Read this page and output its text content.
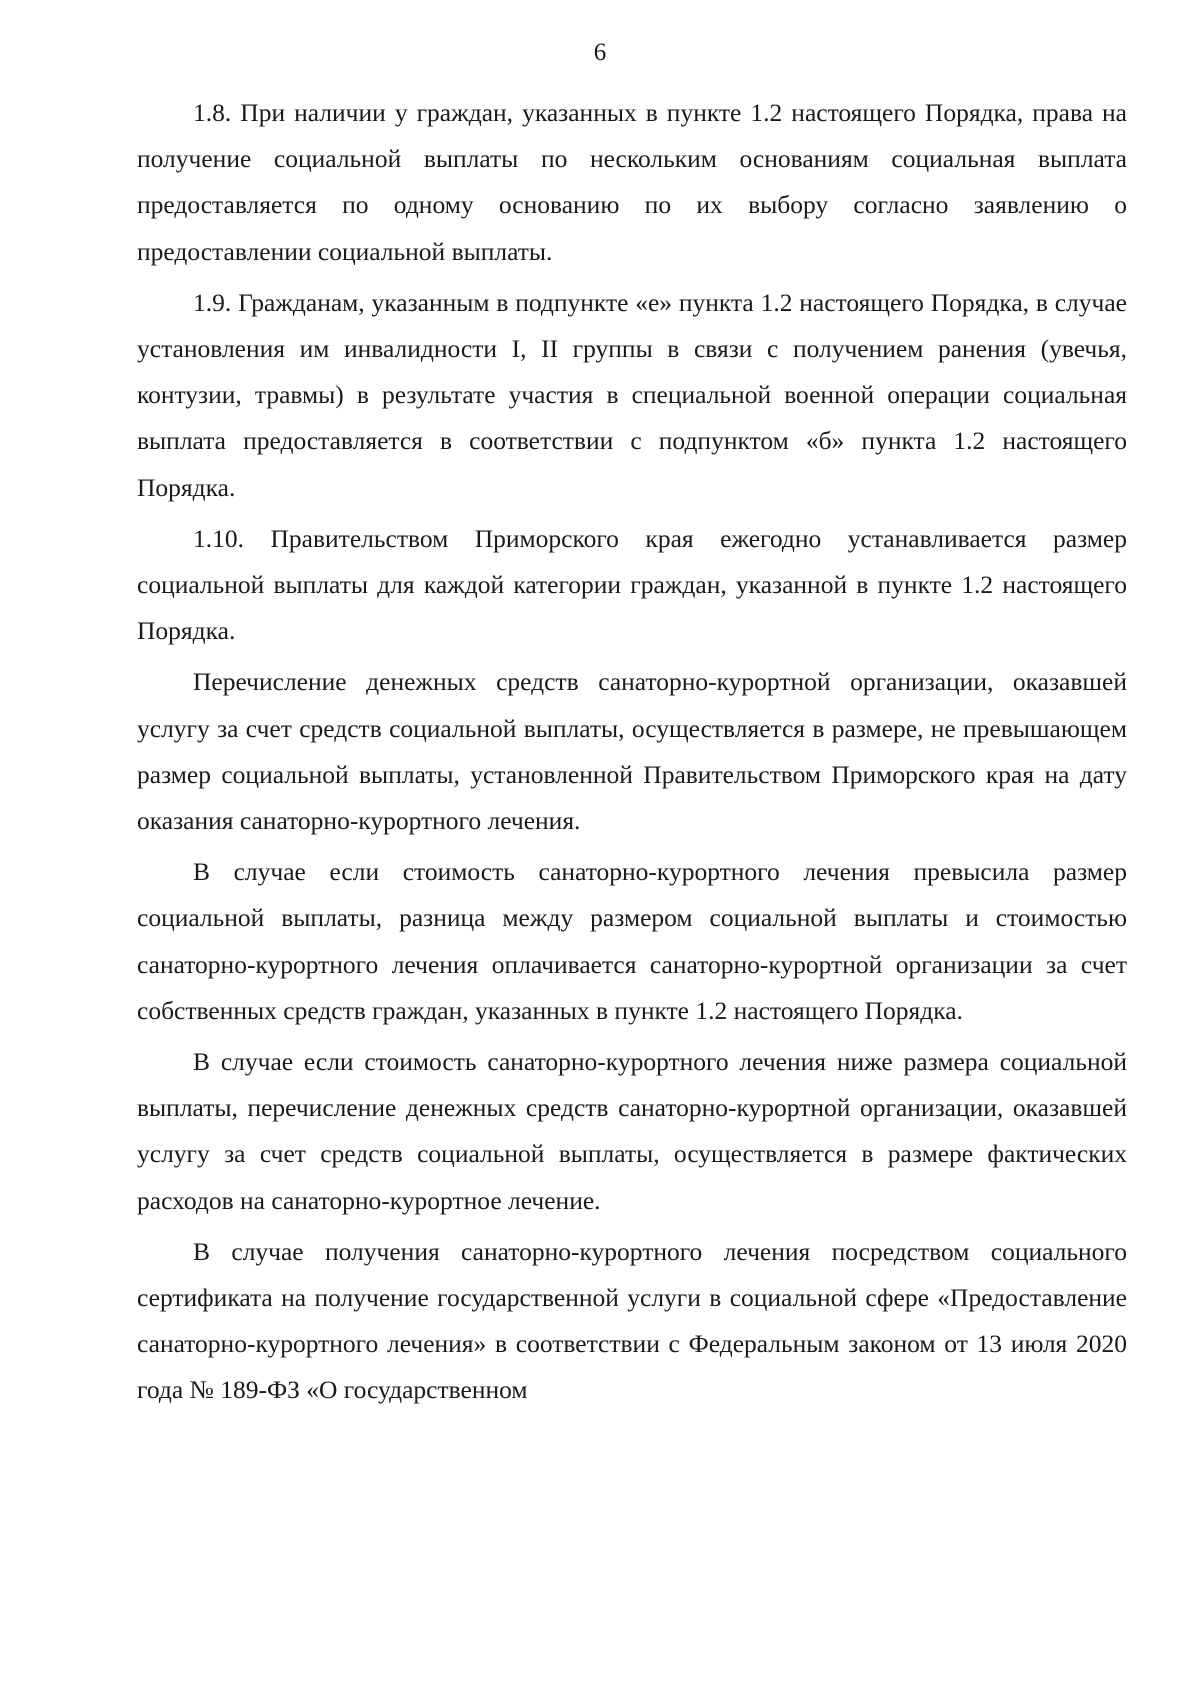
6

1.8. При наличии у граждан, указанных в пункте 1.2 настоящего Порядка, права на получение социальной выплаты по нескольким основаниям социальная выплата предоставляется по одному основанию по их выбору согласно заявлению о предоставлении социальной выплаты.

1.9. Гражданам, указанным в подпункте «е» пункта 1.2 настоящего Порядка, в случае установления им инвалидности I, II группы в связи с получением ранения (увечья, контузии, травмы) в результате участия в специальной военной операции социальная выплата предоставляется в соответствии с подпунктом «б» пункта 1.2 настоящего Порядка.

1.10. Правительством Приморского края ежегодно устанавливается размер социальной выплаты для каждой категории граждан, указанной в пункте 1.2 настоящего Порядка.

Перечисление денежных средств санаторно-курортной организации, оказавшей услугу за счет средств социальной выплаты, осуществляется в размере, не превышающем размер социальной выплаты, установленной Правительством Приморского края на дату оказания санаторно-курортного лечения.

В случае если стоимость санаторно-курортного лечения превысила размер социальной выплаты, разница между размером социальной выплаты и стоимостью санаторно-курортного лечения оплачивается санаторно-курортной организации за счет собственных средств граждан, указанных в пункте 1.2 настоящего Порядка.

В случае если стоимость санаторно-курортного лечения ниже размера социальной выплаты, перечисление денежных средств санаторно-курортной организации, оказавшей услугу за счет средств социальной выплаты, осуществляется в размере фактических расходов на санаторно-курортное лечение.

В случае получения санаторно-курортного лечения посредством социального сертификата на получение государственной услуги в социальной сфере «Предоставление санаторно-курортного лечения» в соответствии с Федеральным законом от 13 июля 2020 года № 189-ФЗ «О государственном
